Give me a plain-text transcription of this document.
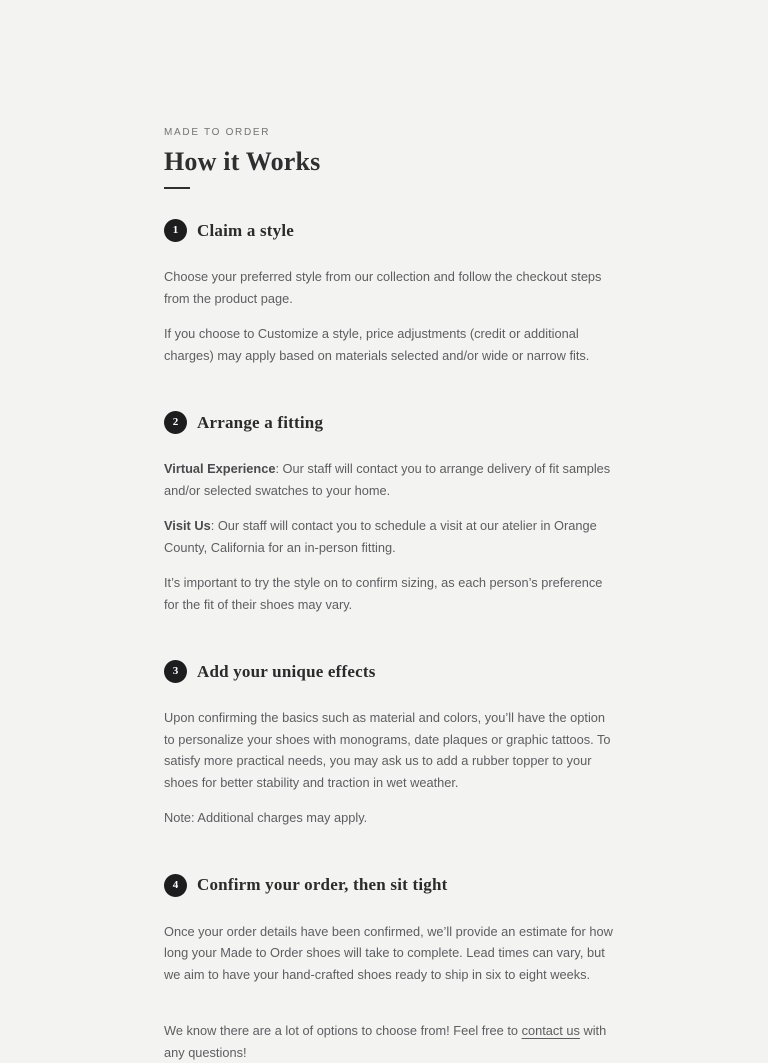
MADE TO ORDER
How it Works
1	Claim a style

Choose your preferred style from our collection and follow the checkout steps from the product page.

If you choose to Customize a style, price adjustments (credit or additional charges) may apply based on materials selected and/or wide or narrow fits.

2	Arrange a fitting

Virtual Experience: Our staff will contact you to arrange delivery of fit samples and/or selected swatches to your home.

Visit Us: Our staff will contact you to schedule a visit at our atelier in Orange County, California for an in-person fitting.

It’s important to try the style on to confirm sizing, as each person’s preference for the fit of their shoes may vary.

3	Add your unique effects

Upon confirming the basics such as material and colors, you’ll have the option to personalize your shoes with monograms, date plaques or graphic tattoos. To satisfy more practical needs, you may ask us to add a rubber topper to your shoes for better stability and traction in wet weather.

Note: Additional charges may apply.

4	Confirm your order, then sit tight

Once your order details have been confirmed, we’ll provide an estimate for how long your Made to Order shoes will take to complete. Lead times can vary, but we aim to have your hand-crafted shoes ready to ship in six to eight weeks.

We know there are a lot of options to choose from! Feel free to contact us with any questions!
